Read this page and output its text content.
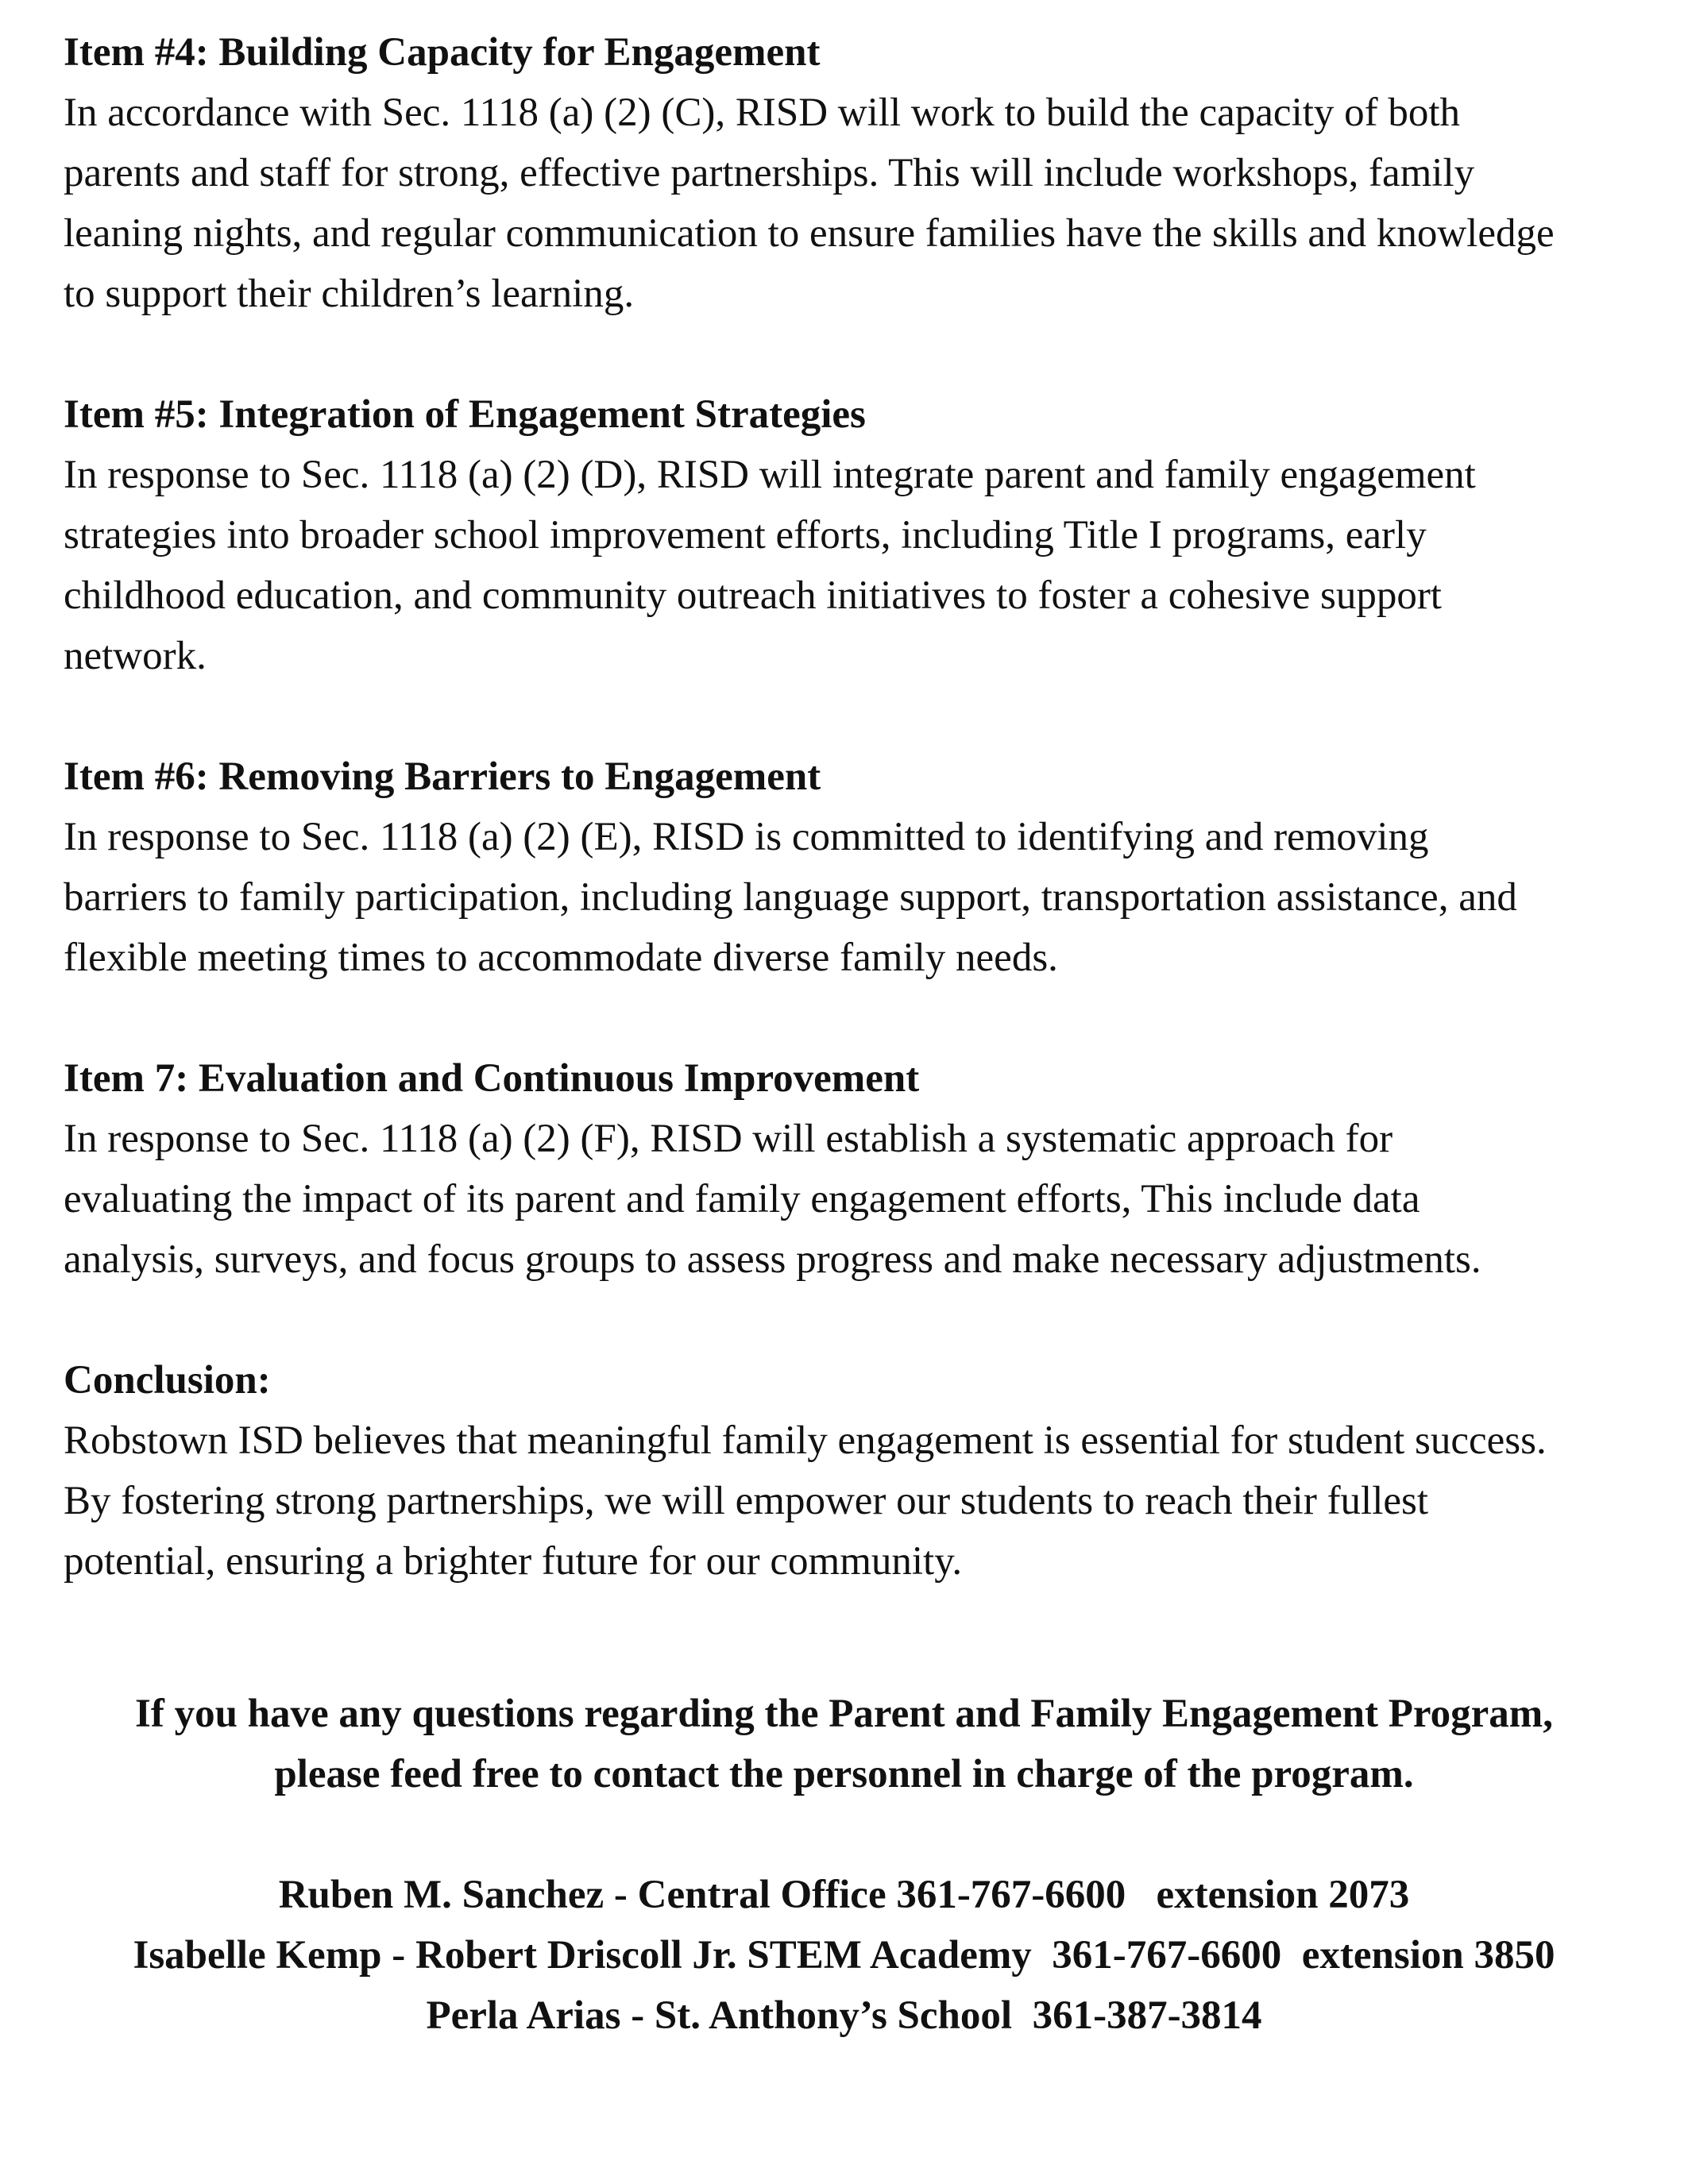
Item #4: Building Capacity for Engagement
In accordance with Sec. 1118 (a) (2) (C), RISD will work to build the capacity of both
parents and staff for strong, effective partnerships. This will include workshops, family
leaning nights, and regular communication to ensure families have the skills and knowledge
to support their children’s learning.
Item #5: Integration of Engagement Strategies
In response to Sec. 1118 (a) (2) (D), RISD will integrate parent and family engagement
strategies into broader school improvement efforts, including Title I programs, early
childhood education, and community outreach initiatives to foster a cohesive support
network.
Item #6: Removing Barriers to Engagement
In response to Sec. 1118 (a) (2) (E), RISD is committed to identifying and removing
barriers to family participation, including language support, transportation assistance, and
flexible meeting times to accommodate diverse family needs.
Item 7: Evaluation and Continuous Improvement
In response to Sec. 1118 (a) (2) (F), RISD will establish a systematic approach for
evaluating the impact of its parent and family engagement efforts, This include data
analysis, surveys, and focus groups to assess progress and make necessary adjustments.
Conclusion:
Robstown ISD believes that meaningful family engagement is essential for student success.
By fostering strong partnerships, we will empower our students to reach their fullest
potential, ensuring a brighter future for our community.
If you have any questions regarding the Parent and Family Engagement Program,
please feed free to contact the personnel in charge of the program.
Ruben M. Sanchez - Central Office 361-767-6600   extension 2073
Isabelle Kemp - Robert Driscoll Jr. STEM Academy  361-767-6600  extension 3850
Perla Arias - St. Anthony’s School  361-387-3814
